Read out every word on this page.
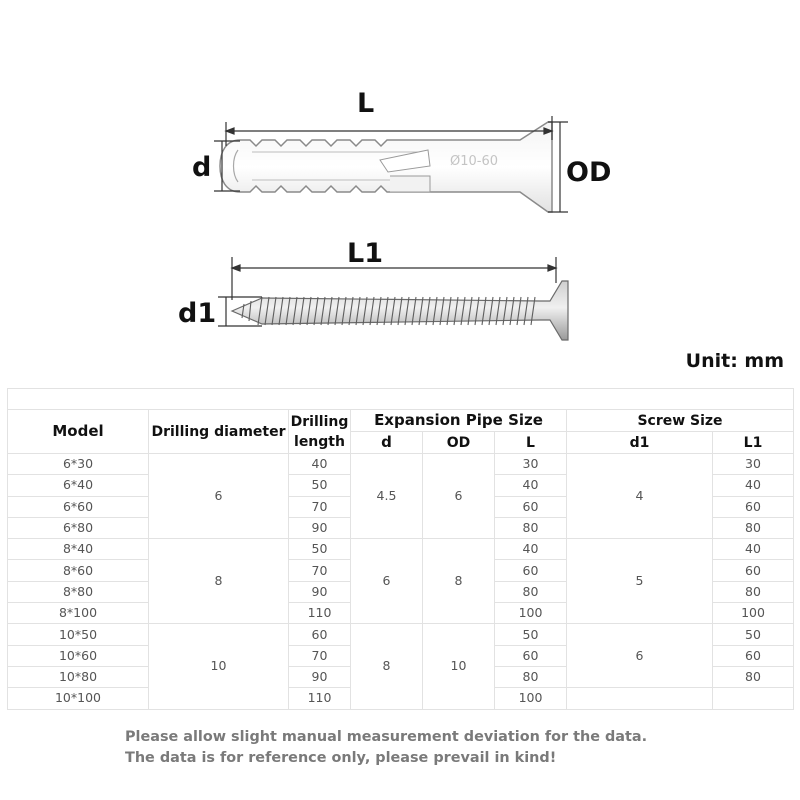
Ø10-60
L
d	OD
L1
d1
Unit: mm

Model	Drilling diameter	Drilling length	Expansion Pipe Size			Screw Size	
			d	OD	L	d1	L1
6*30	6	40	4.5	6	30	4	30
6*40		50			40		40
6*60		70			60		60
6*80		90			80		80
8*40	8	50	6	8	40	5	40
8*60		70			60		60
8*80		90			80		80
8*100		110			100		100
10*50	10	60	8	10	50	6	50
10*60		70			60		60
10*80		90			80		80
10*100		110			100		
Please allow slight manual measurement deviation for the data.
The data is for reference only, please prevail in kind!
